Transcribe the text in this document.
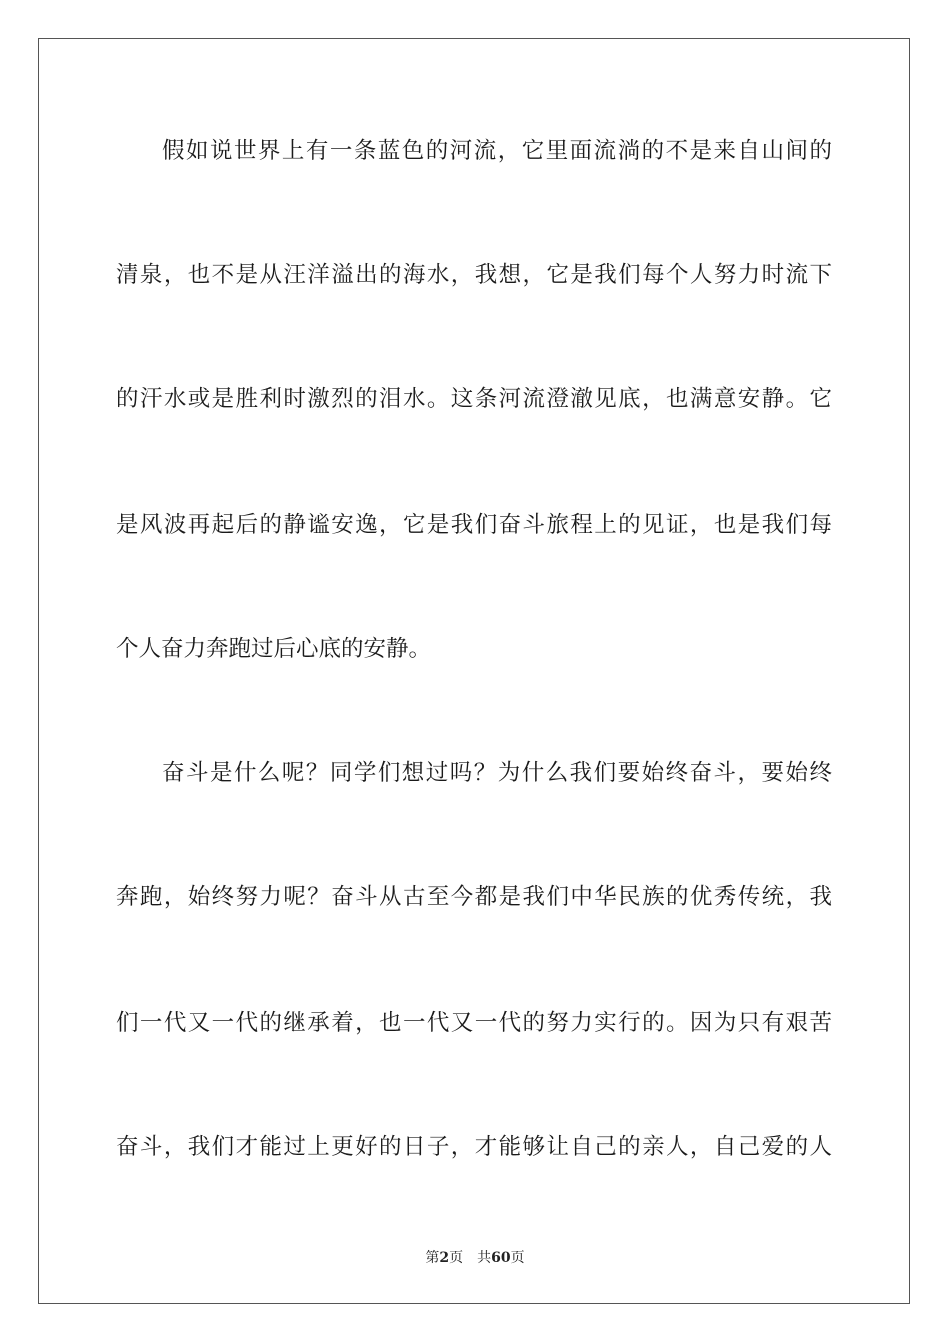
假如说世界上有一条蓝色的河流，它里面流淌的不是来自山间的
清泉，也不是从汪洋溢出的海水，我想，它是我们每个人努力时流下
的汗水或是胜利时激烈的泪水。这条河流澄澈见底，也满意安静。它
是风波再起后的静谧安逸，它是我们奋斗旅程上的见证，也是我们每
个人奋力奔跑过后心底的安静。
奋斗是什么呢？同学们想过吗？为什么我们要始终奋斗，要始终
奔跑，始终努力呢？奋斗从古至今都是我们中华民族的优秀传统，我
们一代又一代的继承着，也一代又一代的努力实行的。因为只有艰苦
奋斗，我们才能过上更好的日子，才能够让自己的亲人，自己爱的人
第2页 共60页
